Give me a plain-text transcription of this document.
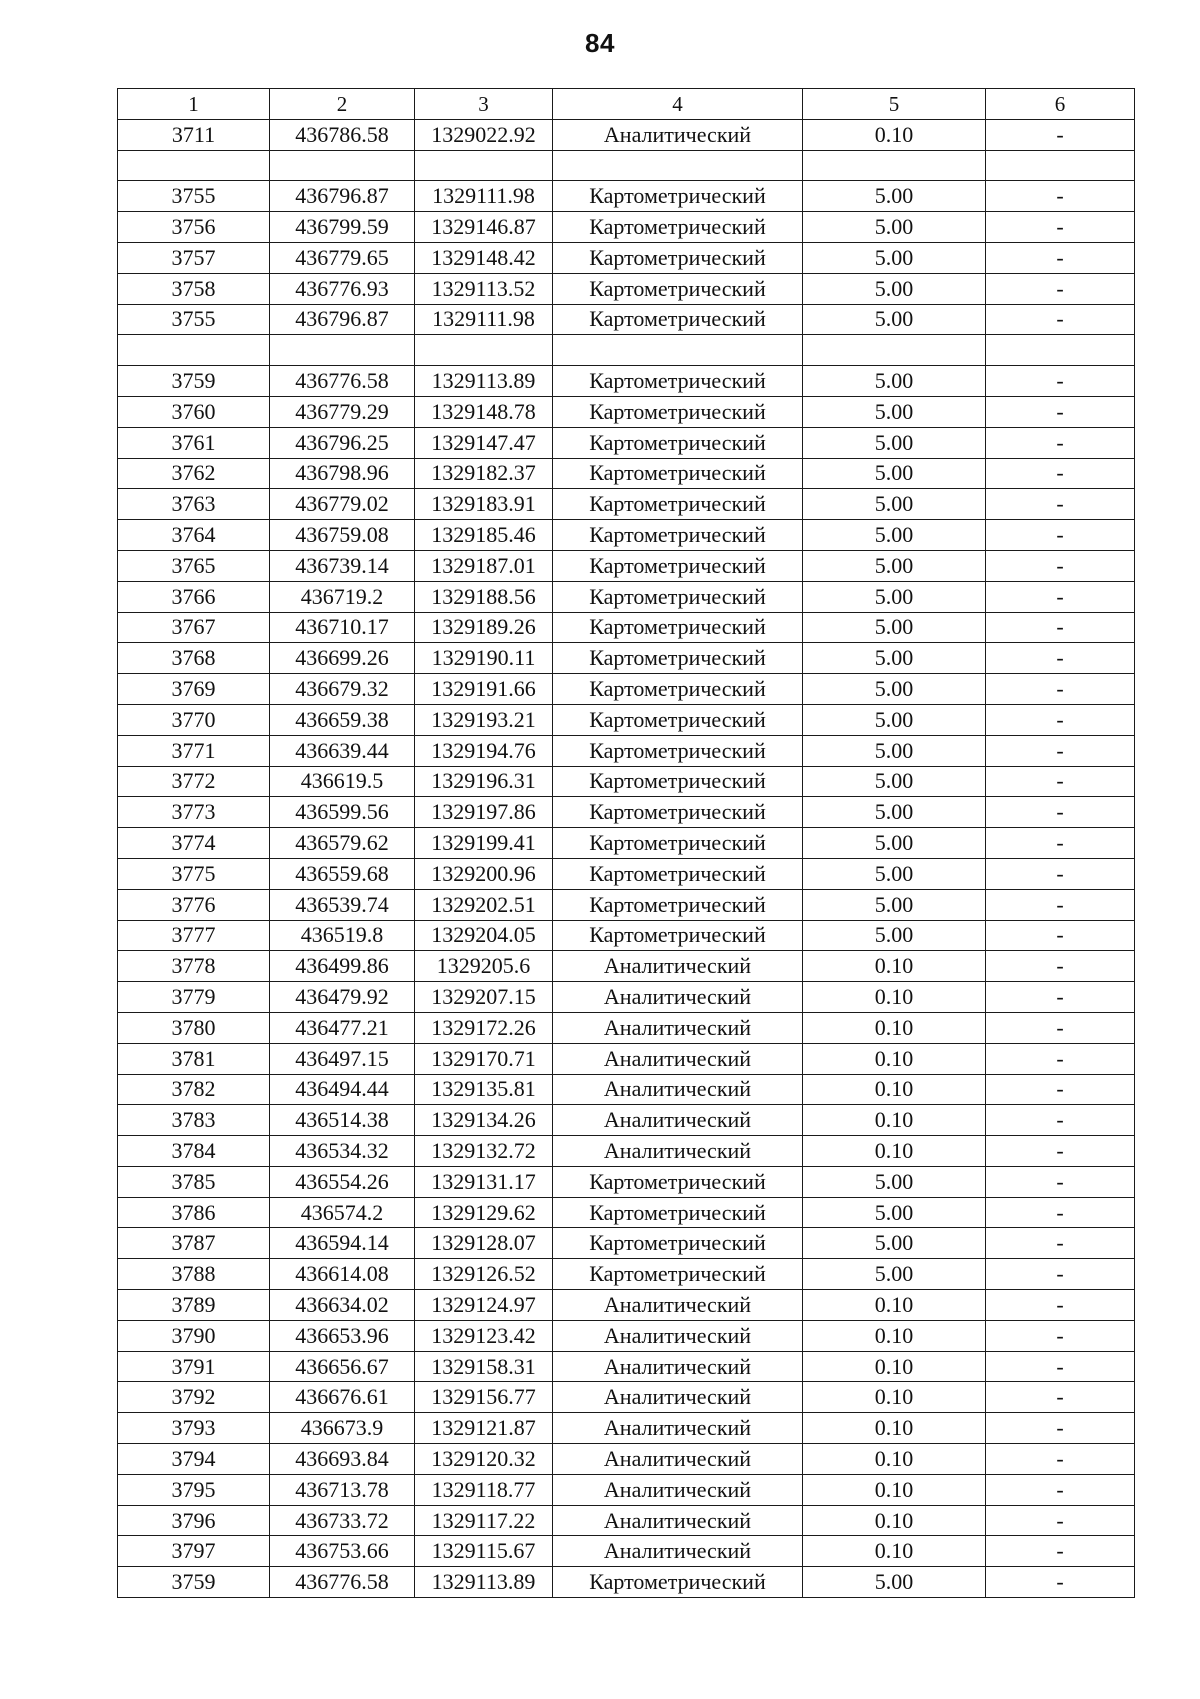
84
1	2	3	4	5	6
3711	436786.58	1329022.92	Аналитический	0.10	-

3755	436796.87	1329111.98	Картометрический	5.00	-
3756	436799.59	1329146.87	Картометрический	5.00	-
3757	436779.65	1329148.42	Картометрический	5.00	-
3758	436776.93	1329113.52	Картометрический	5.00	-
3755	436796.87	1329111.98	Картометрический	5.00	-

3759	436776.58	1329113.89	Картометрический	5.00	-
3760	436779.29	1329148.78	Картометрический	5.00	-
3761	436796.25	1329147.47	Картометрический	5.00	-
3762	436798.96	1329182.37	Картометрический	5.00	-
3763	436779.02	1329183.91	Картометрический	5.00	-
3764	436759.08	1329185.46	Картометрический	5.00	-
3765	436739.14	1329187.01	Картометрический	5.00	-
3766	436719.2	1329188.56	Картометрический	5.00	-
3767	436710.17	1329189.26	Картометрический	5.00	-
3768	436699.26	1329190.11	Картометрический	5.00	-
3769	436679.32	1329191.66	Картометрический	5.00	-
3770	436659.38	1329193.21	Картометрический	5.00	-
3771	436639.44	1329194.76	Картометрический	5.00	-
3772	436619.5	1329196.31	Картометрический	5.00	-
3773	436599.56	1329197.86	Картометрический	5.00	-
3774	436579.62	1329199.41	Картометрический	5.00	-
3775	436559.68	1329200.96	Картометрический	5.00	-
3776	436539.74	1329202.51	Картометрический	5.00	-
3777	436519.8	1329204.05	Картометрический	5.00	-
3778	436499.86	1329205.6	Аналитический	0.10	-
3779	436479.92	1329207.15	Аналитический	0.10	-
3780	436477.21	1329172.26	Аналитический	0.10	-
3781	436497.15	1329170.71	Аналитический	0.10	-
3782	436494.44	1329135.81	Аналитический	0.10	-
3783	436514.38	1329134.26	Аналитический	0.10	-
3784	436534.32	1329132.72	Аналитический	0.10	-
3785	436554.26	1329131.17	Картометрический	5.00	-
3786	436574.2	1329129.62	Картометрический	5.00	-
3787	436594.14	1329128.07	Картометрический	5.00	-
3788	436614.08	1329126.52	Картометрический	5.00	-
3789	436634.02	1329124.97	Аналитический	0.10	-
3790	436653.96	1329123.42	Аналитический	0.10	-
3791	436656.67	1329158.31	Аналитический	0.10	-
3792	436676.61	1329156.77	Аналитический	0.10	-
3793	436673.9	1329121.87	Аналитический	0.10	-
3794	436693.84	1329120.32	Аналитический	0.10	-
3795	436713.78	1329118.77	Аналитический	0.10	-
3796	436733.72	1329117.22	Аналитический	0.10	-
3797	436753.66	1329115.67	Аналитический	0.10	-
3759	436776.58	1329113.89	Картометрический	5.00	-
